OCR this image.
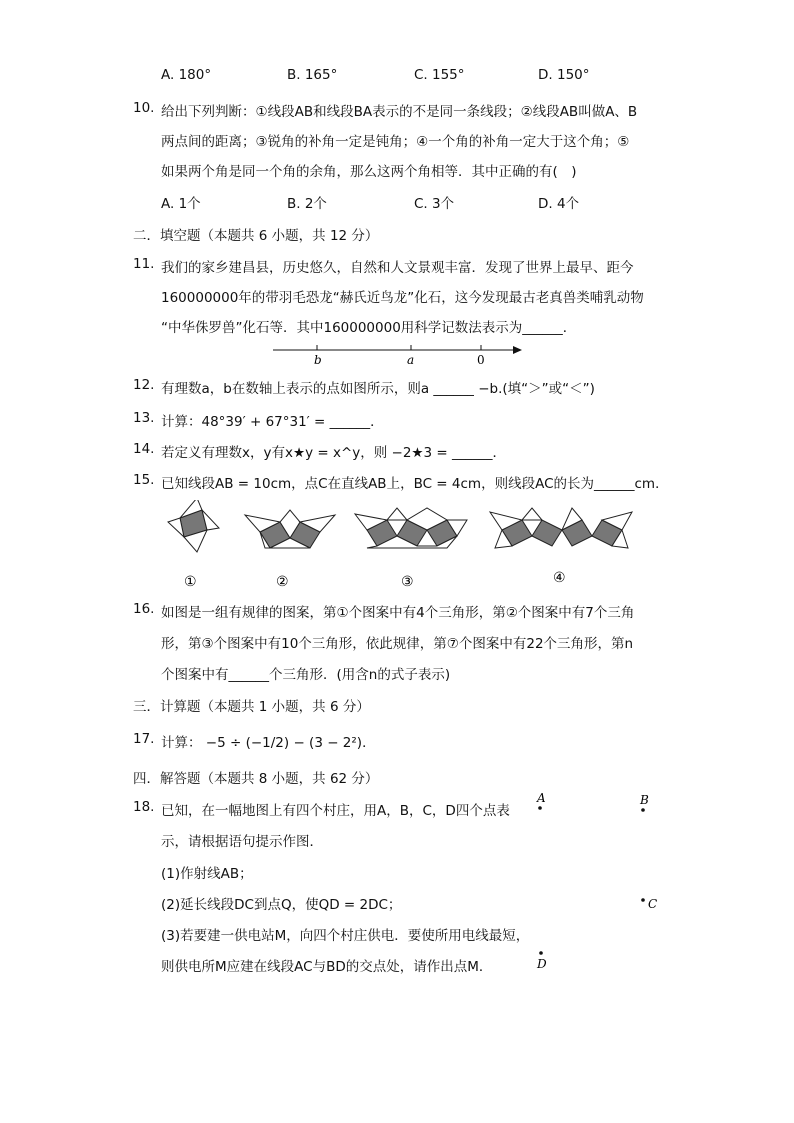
A. 180°	B. 165°	C. 155°	D. 150°
10. 给出下列判断：①线段AB和线段BA表示的不是同一条线段；②线段AB叫做A、B
两点间的距离；③锐角的补角一定是钝角；④一个角的补角一定大于这个角；⑤
如果两个角是同一个角的余角，那么这两个角相等．其中正确的有(　)
A. 1个	B. 2个	C. 3个	D. 4个
二．填空题（本题共 6 小题，共 12 分）
11. 我们的家乡建昌县，历史悠久，自然和人文景观丰富．发现了世界上最早、距今
160000000年的带羽毛恐龙“赫氏近鸟龙”化石，这今发现最古老真兽类哺乳动物
“中华侏罗兽”化石等．其中160000000用科学记数法表示为______．
b	a	0
12. 有理数a，b在数轴上表示的点如图所示，则a ______ −b.(填“＞”或“＜”)
13. 计算：48°39′ + 67°31′ = ______．
14. 若定义有理数x，y有x★y = x^y，则 −2★3 = ______．
15. 已知线段AB = 10cm，点C在直线AB上，BC = 4cm，则线段AC的长为______cm．
①	②	③	④
16. 如图是一组有规律的图案，第①个图案中有4个三角形，第②个图案中有7个三角
形，第③个图案中有10个三角形，依此规律，第⑦个图案中有22个三角形，第n
个图案中有______个三角形．(用含n的式子表示)
三．计算题（本题共 1 小题，共 6 分）
17. 计算： −5 ÷ (−1/2) − (3 − 2²)．
四．解答题（本题共 8 小题，共 62 分）
18. 已知，在一幅地图上有四个村庄，用A，B，C，D四个点表
示，请根据语句提示作图．
(1)作射线AB；
(2)延长线段DC到点Q，使QD = 2DC；
(3)若要建一供电站M，向四个村庄供电．要使所用电线最短，
则供电所M应建在线段AC与BD的交点处，请作出点M．
A	B
C
D
